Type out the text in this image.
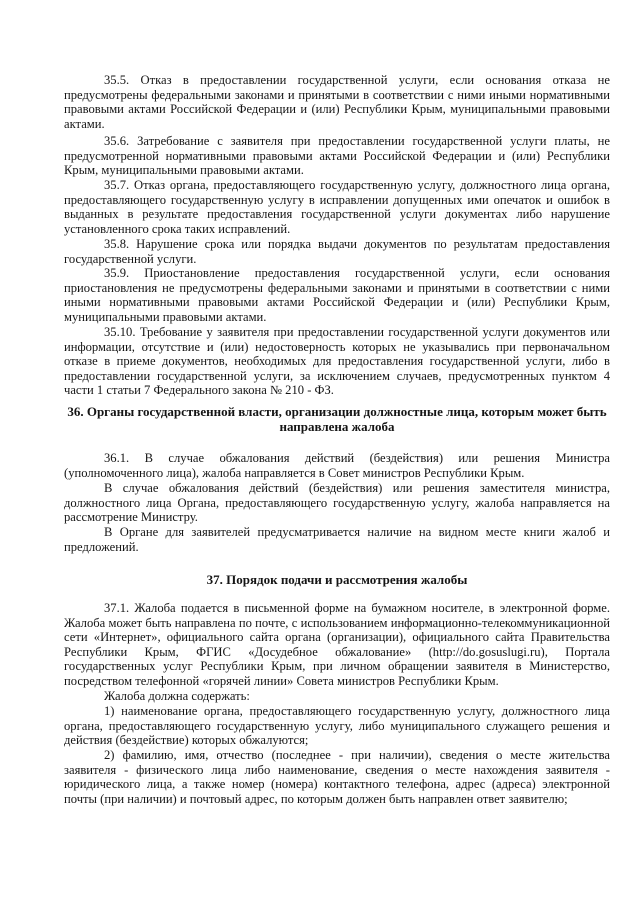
35.5. Отказ в предоставлении государственной услуги, если основания отказа не предусмотрены федеральными законами и принятыми в соответствии с ними иными нормативными правовыми актами Российской Федерации и (или) Республики Крым, муниципальными правовыми актами.

35.6. Затребование с заявителя при предоставлении государственной услуги платы, не предусмотренной нормативными правовыми актами Российской Федерации и (или) Республики Крым, муниципальными правовыми актами.

35.7. Отказ органа, предоставляющего государственную услугу, должностного лица органа, предоставляющего государственную услугу в исправлении допущенных ими опечаток и ошибок в выданных в результате предоставления государственной услуги документах либо нарушение установленного срока таких исправлений.

35.8. Нарушение срока или порядка выдачи документов по результатам предоставления государственной услуги.

35.9. Приостановление предоставления государственной услуги, если основания приостановления не предусмотрены федеральными законами и принятыми в соответствии с ними иными нормативными правовыми актами Российской Федерации и (или) Республики Крым, муниципальными правовыми актами.

35.10. Требование у заявителя при предоставлении государственной услуги документов или информации, отсутствие и (или) недостоверность которых не указывались при первоначальном отказе в приеме документов, необходимых для предоставления государственной услуги, либо в предоставлении государственной услуги, за исключением случаев, предусмотренных пунктом 4 части 1 статьи 7 Федерального закона № 210 - ФЗ.

36. Органы государственной власти, организации должностные лица, которым может быть направлена жалоба

36.1. В случае обжалования действий (бездействия) или решения Министра (уполномоченного лица), жалоба направляется в Совет министров Республики Крым.

В случае обжалования действий (бездействия) или решения заместителя министра, должностного лица Органа, предоставляющего государственную услугу, жалоба направляется на рассмотрение Министру.

В Органе для заявителей предусматривается наличие на видном месте книги жалоб и предложений.

37. Порядок подачи и рассмотрения жалобы

37.1. Жалоба подается в письменной форме на бумажном носителе, в электронной форме. Жалоба может быть направлена по почте, с использованием информационно-телекоммуникационной сети «Интернет», официального сайта органа (организации), официального сайта Правительства Республики Крым, ФГИС «Досудебное обжалование» (http://do.gosuslugi.ru), Портала государственных услуг Республики Крым, при личном обращении заявителя в Министерство, посредством телефонной «горячей линии» Совета министров Республики Крым.

Жалоба должна содержать:

1) наименование органа, предоставляющего государственную услугу, должностного лица органа, предоставляющего государственную услугу, либо муниципального служащего решения и действия (бездействие) которых обжалуются;

2) фамилию, имя, отчество (последнее - при наличии), сведения о месте жительства заявителя - физического лица либо наименование, сведения о месте нахождения заявителя - юридического лица, а также номер (номера) контактного телефона, адрес (адреса) электронной почты (при наличии) и почтовый адрес, по которым должен быть направлен ответ заявителю;
